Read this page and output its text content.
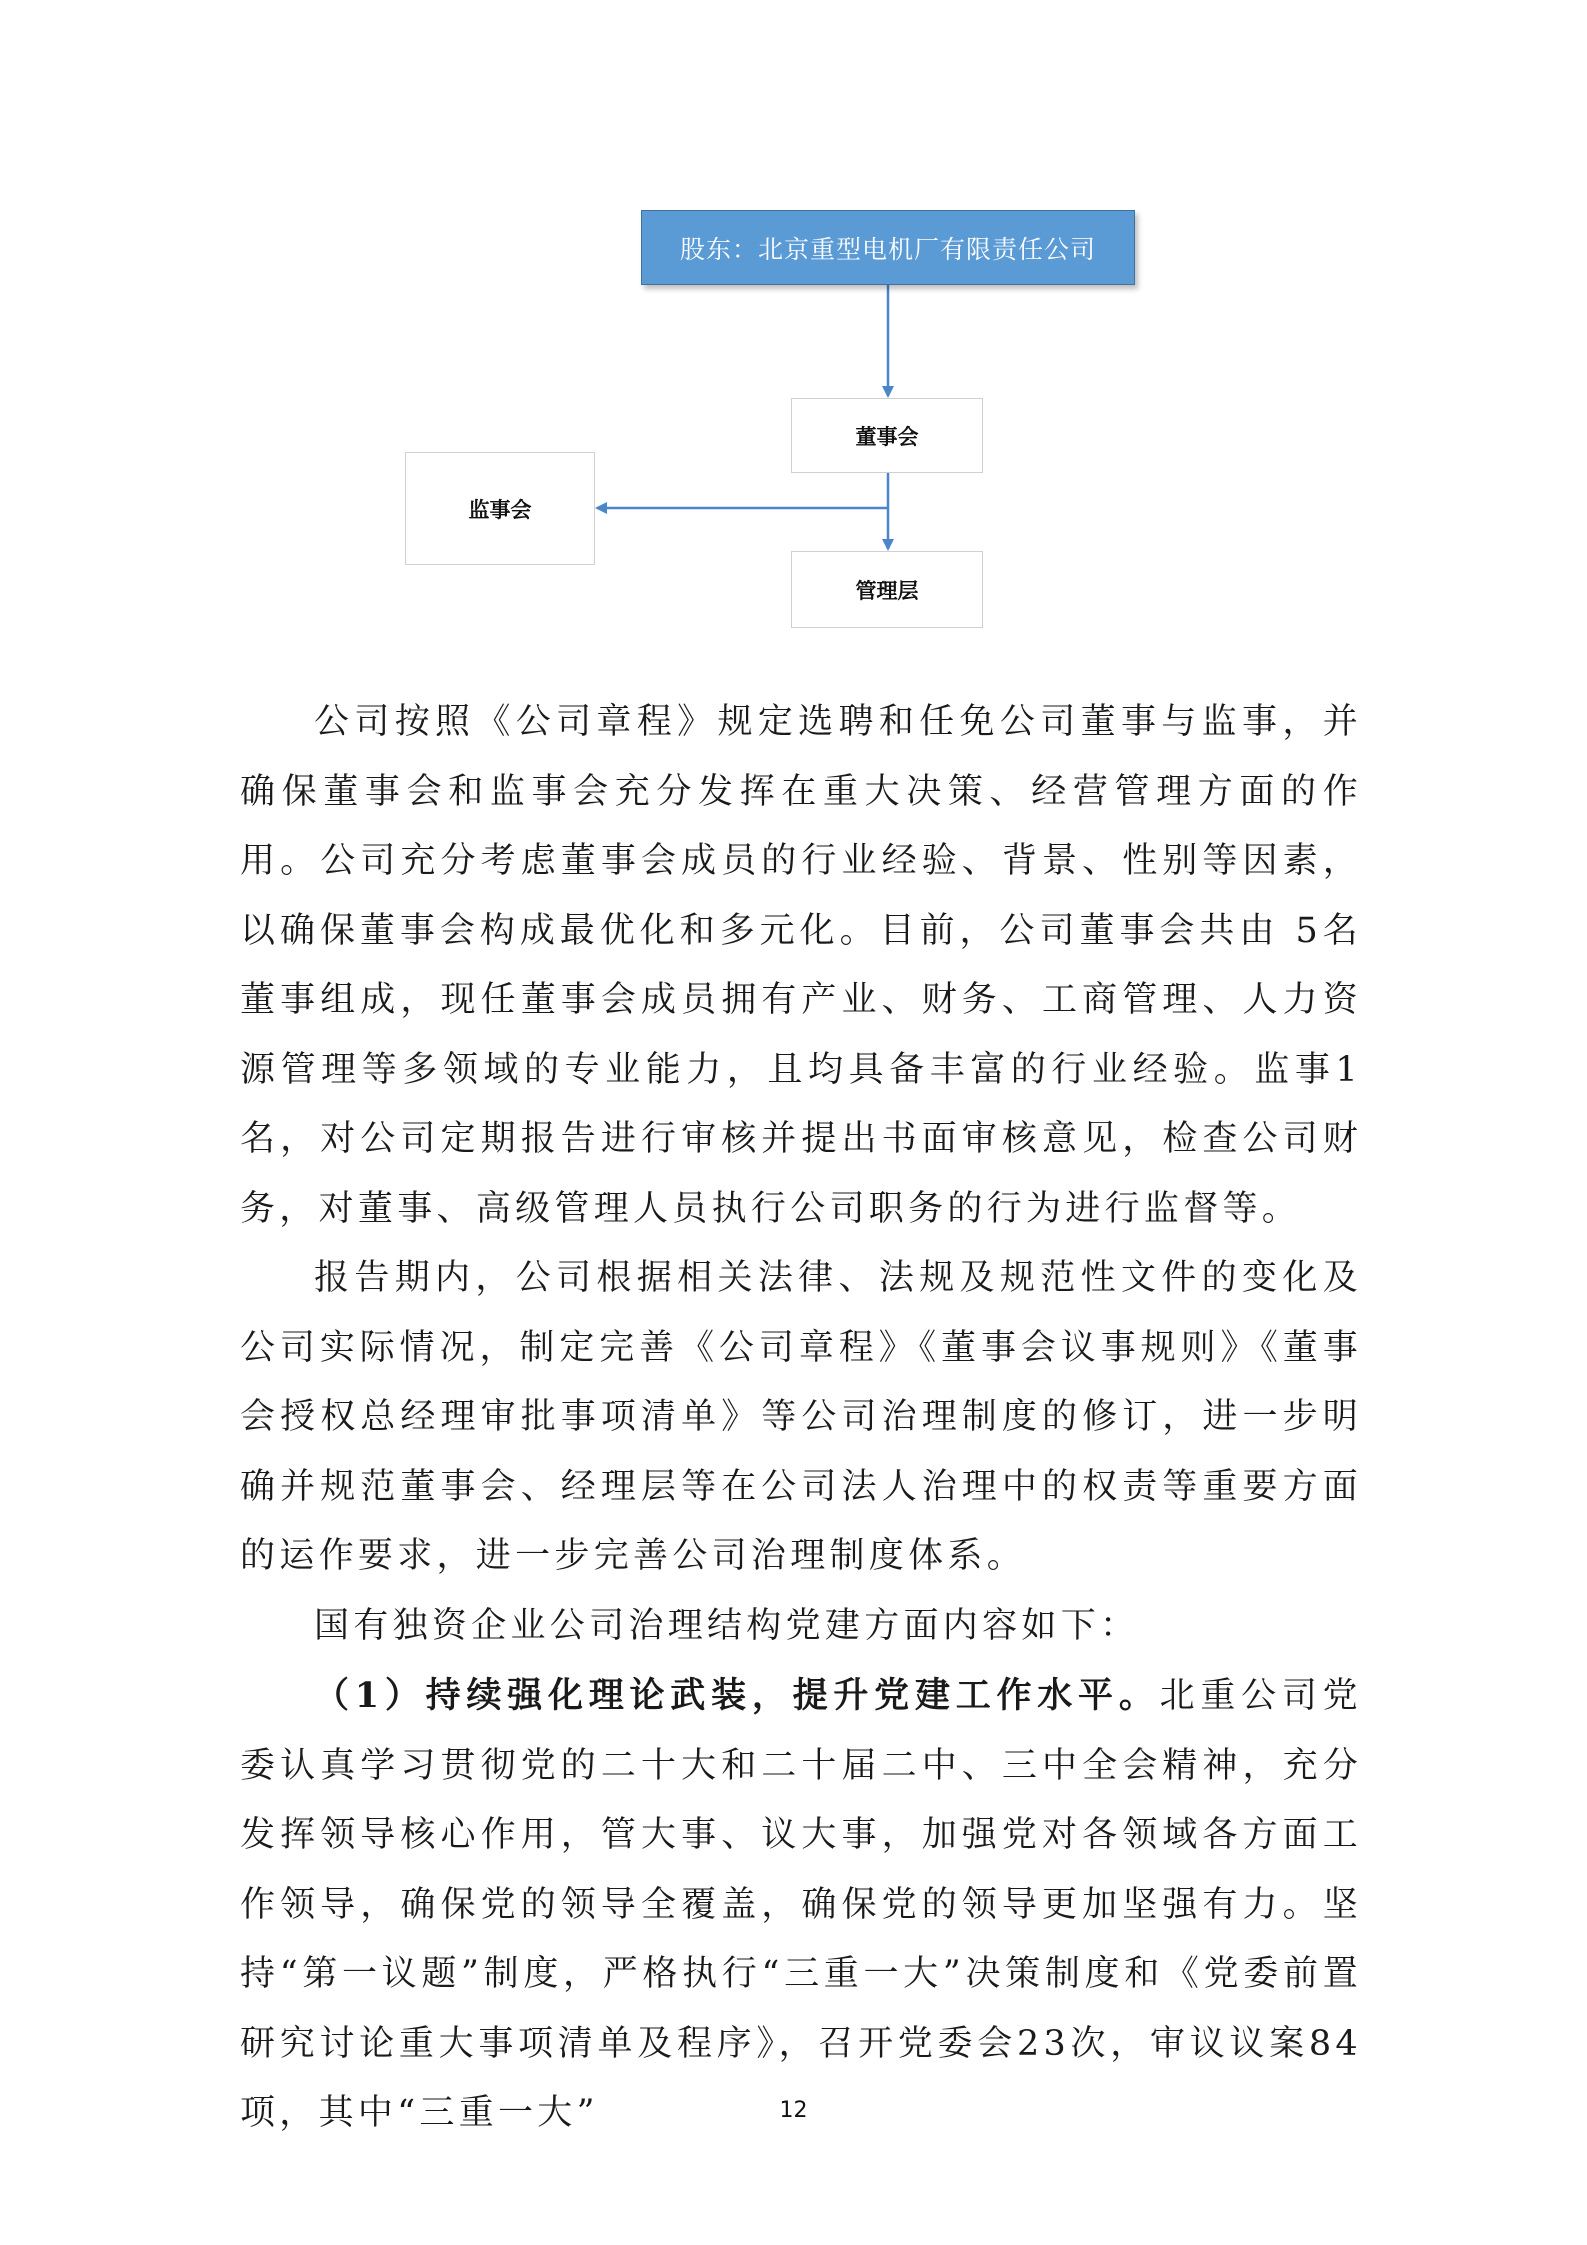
股东：北京重型电机厂有限责任公司
董事会
监事会
管理层

公司按照《公司章程》规定选聘和任免公司董事与监事，并确保董事会和监事会充分发挥在重大决策、经营管理方面的作用。公司充分考虑董事会成员的行业经验、背景、性别等因素，以确保董事会构成最优化和多元化。目前，公司董事会共由 5名董事组成，现任董事会成员拥有产业、财务、工商管理、人力资源管理等多领域的专业能力，且均具备丰富的行业经验。监事1名，对公司定期报告进行审核并提出书面审核意见，检查公司财务，对董事、高级管理人员执行公司职务的行为进行监督等。

报告期内，公司根据相关法律、法规及规范性文件的变化及公司实际情况，制定完善《公司章程》《董事会议事规则》《董事会授权总经理审批事项清单》等公司治理制度的修订，进一步明确并规范董事会、经理层等在公司法人治理中的权责等重要方面的运作要求，进一步完善公司治理制度体系。

国有独资企业公司治理结构党建方面内容如下：

（1）持续强化理论武装，提升党建工作水平。北重公司党委认真学习贯彻党的二十大和二十届二中、三中全会精神，充分发挥领导核心作用，管大事、议大事，加强党对各领域各方面工作领导，确保党的领导全覆盖，确保党的领导更加坚强有力。坚持“第一议题”制度，严格执行“三重一大”决策制度和《党委前置研究讨论重大事项清单及程序》，召开党委会23次，审议议案84项，其中“三重一大”	12
